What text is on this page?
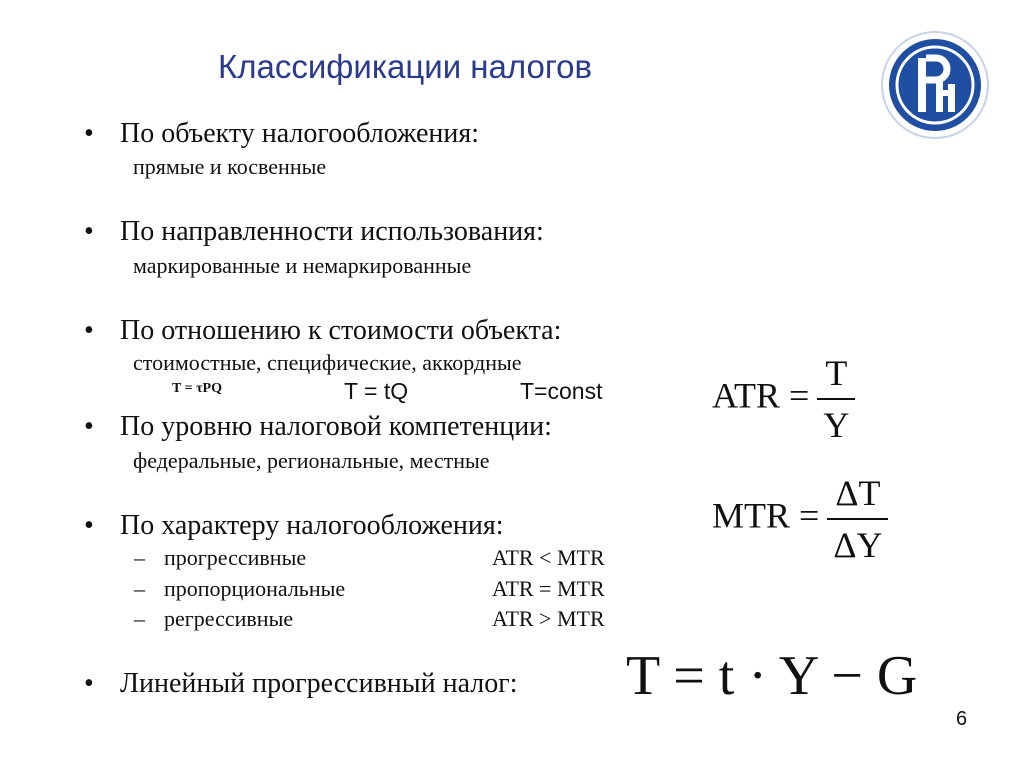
Классификации налогов
• По объекту налогообложения:
прямые и косвенные
• По направленности использования:
маркированные и немаркированные
• По отношению к стоимости объекта:
стоимостные, специфические, аккордные
T = τPQ	T = tQ	T=const
• По уровню налоговой компетенции:
федеральные, региональные, местные
• По характеру налогообложения:
– прогрессивные	ATR < MTR
– пропорциональные	ATR = MTR
– регрессивные	ATR > MTR
• Линейный прогрессивный налог: T = t · Y − G
ATR = $\frac{T}{Y}$
MTR = $\frac{\Delta T}{\Delta Y}$
6
